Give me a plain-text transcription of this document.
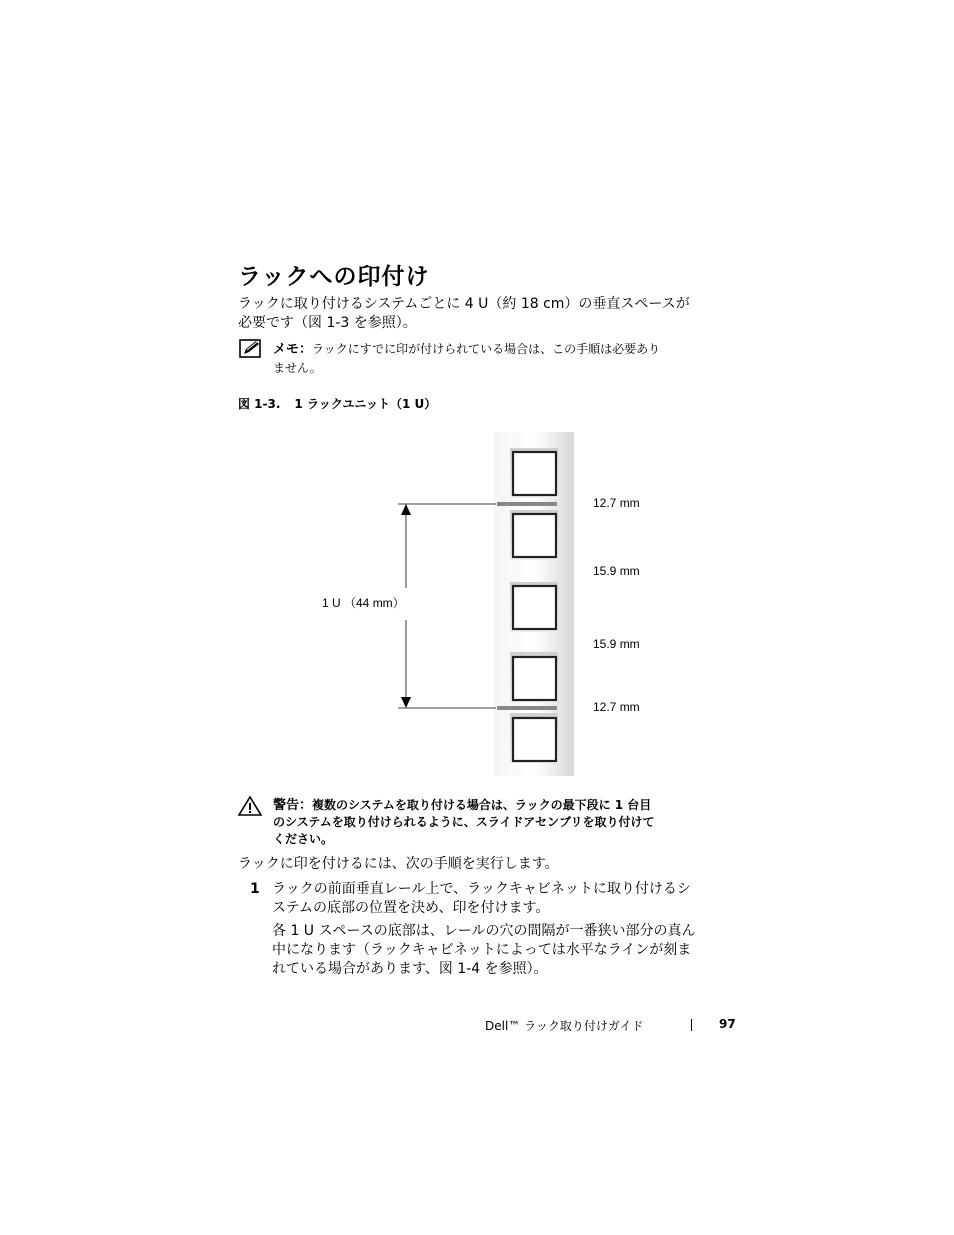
ラックへの印付け
ラックに取り付けるシステムごとに 4 U（約 18 cm）の垂直スペースが
必要です（図 1-3 を参照）。
メモ：ラックにすでに印が付けられている場合は、この手順は必要あり
ません。
図 1-3. 1 ラックユニット（1 U）
1 U （44 mm）
12.7 mm
15.9 mm
15.9 mm
12.7 mm
警告：複数のシステムを取り付ける場合は、ラックの最下段に 1 台目
のシステムを取り付けられるように、スライドアセンブリを取り付けて
ください。
ラックに印を付けるには、次の手順を実行します。
1 ラックの前面垂直レール上で、ラックキャビネットに取り付けるシ
ステムの底部の位置を決め、印を付けます。
各 1 U スペースの底部は、レールの穴の間隔が一番狭い部分の真ん
中になります（ラックキャビネットによっては水平なラインが刻ま
れている場合があります、図 1-4 を参照）。
Dell™ ラック取り付けガイド	97
